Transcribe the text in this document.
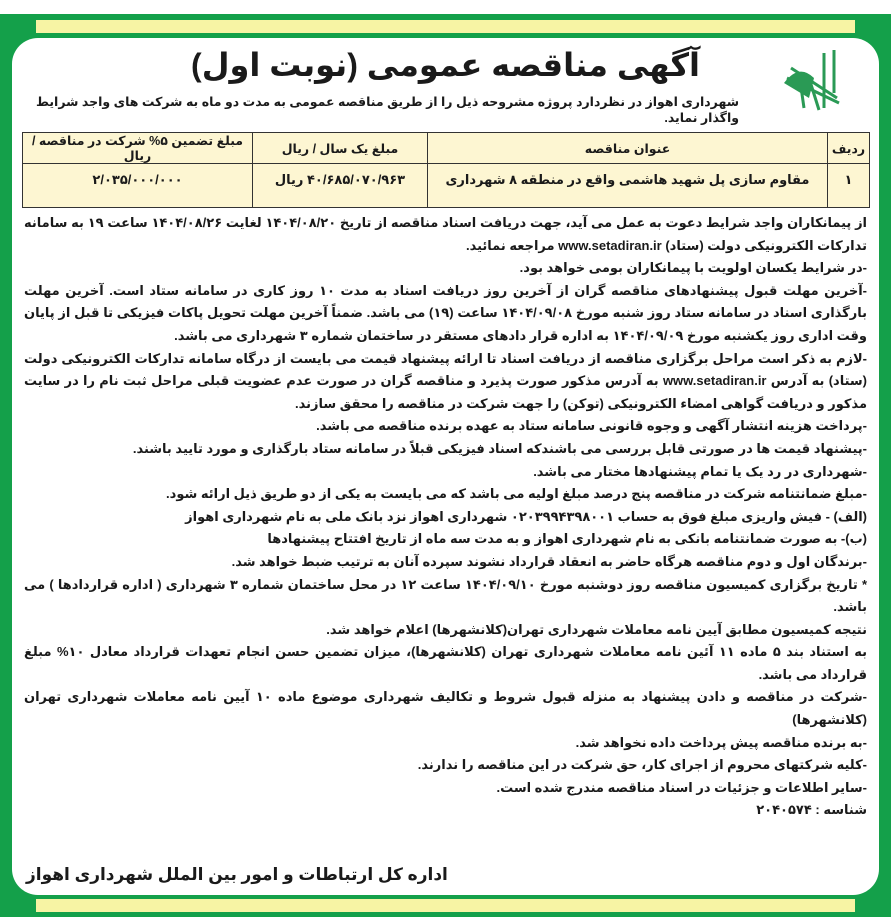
آگهی مناقصه عمومی (نوبت اول)
شهرداری اهواز در نظردارد پروژه مشروحه ذیل را از طریق مناقصه عمومی به مدت دو ماه به شرکت های واجد شرایط واگذار نماید.
ردیف	عنوان مناقصه	مبلغ یک سال / ریال	مبلغ تضمین ۵% شرکت در مناقصه / ریال
۱	مقاوم سازی پل شهید هاشمی واقع در منطقه ۸ شهرداری	۴۰/۶۸۵/۰۷۰/۹۶۳ ریال	۲/۰۳۵/۰۰۰/۰۰۰

از پیمانکاران واجد شرایط دعوت به عمل می آید، جهت دریافت اسناد مناقصه از تاریخ ۱۴۰۴/۰۸/۲۰ لغایت ۱۴۰۴/۰۸/۲۶ ساعت ۱۹ به سامانه تدارکات الکترونیکی دولت (ستاد) www.setadiran.ir مراجعه نمائید.

-در شرایط یکسان اولویت با پیمانکاران بومی خواهد بود.

-آخرین مهلت قبول پیشنهادهای مناقصه گران از آخرین روز دریافت اسناد به مدت ۱۰ روز کاری در سامانه ستاد است. آخرین مهلت بارگذاری اسناد در سامانه ستاد روز شنبه مورخ ۱۴۰۴/۰۹/۰۸ ساعت (۱۹) می باشد. ضمناً آخرین مهلت تحویل پاکات فیزیکی تا قبل از پایان وقت اداری روز یکشنبه مورخ ۱۴۰۴/۰۹/۰۹ به اداره قرار دادهای مستقر در ساختمان شماره ۳ شهرداری می باشد.

-لازم به ذکر است مراحل برگزاری مناقصه از دریافت اسناد تا ارائه پیشنهاد قیمت می بایست از درگاه سامانه تدارکات الکترونیکی دولت (ستاد) به آدرس www.setadiran.ir به آدرس مذکور صورت پذیرد و مناقصه گران در صورت عدم عضویت قبلی مراحل ثبت نام را در سایت مذکور و دریافت گواهی امضاء الکترونیکی (توکن) را جهت شرکت در مناقصه را محقق سازند.

-پرداخت هزینه انتشار آگهی و وجوه قانونی سامانه ستاد به عهده برنده مناقصه می باشد.

-پیشنهاد قیمت ها در صورتی قابل بررسی می باشندکه اسناد فیزیکی قبلاً در سامانه ستاد بارگذاری و مورد تایید باشند.

-شهرداری در رد یک یا تمام پیشنهادها مختار می باشد.

-مبلغ ضمانتنامه شرکت در مناقصه پنج درصد مبلغ اولیه می باشد که می بایست به یکی از دو طریق ذیل ارائه شود.

(الف) - فیش واریزی مبلغ فوق به حساب ۰۲۰۳۹۹۴۳۹۸۰۰۱ شهرداری اهواز نزد بانک ملی به نام شهرداری اهواز

(ب)- به صورت ضمانتنامه بانکی به نام شهرداری اهواز و به مدت سه ماه از تاریخ افتتاح پیشنهادها

-برندگان اول و دوم مناقصه هرگاه حاضر به انعقاد قرارداد نشوند سپرده آنان به ترتیب ضبط خواهد شد.

* تاریخ برگزاری کمیسیون مناقصه روز دوشنبه مورخ ۱۴۰۴/۰۹/۱۰ ساعت ۱۲ در محل ساختمان شماره ۳ شهرداری ( اداره قراردادها ) می باشد.

نتیجه کمیسیون مطابق آیین نامه معاملات شهرداری تهران(کلانشهرها) اعلام خواهد شد.

به استناد بند ۵ ماده ۱۱ آئین نامه معاملات شهرداری تهران (کلانشهرها)، میزان تضمین حسن انجام تعهدات قرارداد معادل ۱۰% مبلغ قرارداد می باشد.

-شرکت در مناقصه و دادن پیشنهاد به منزله قبول شروط و تکالیف شهرداری موضوع ماده ۱۰ آیین نامه معاملات شهرداری تهران (کلانشهرها)

-به برنده مناقصه پیش پرداخت داده نخواهد شد.

-کلیه شرکتهای محروم از اجرای کار، حق شرکت در این مناقصه را ندارند.

-سایر اطلاعات و جزئیات در اسناد مناقصه مندرج شده است.

شناسه : ۲۰۴۰۵۷۴

اداره کل ارتباطات و امور بین الملل شهرداری اهواز
